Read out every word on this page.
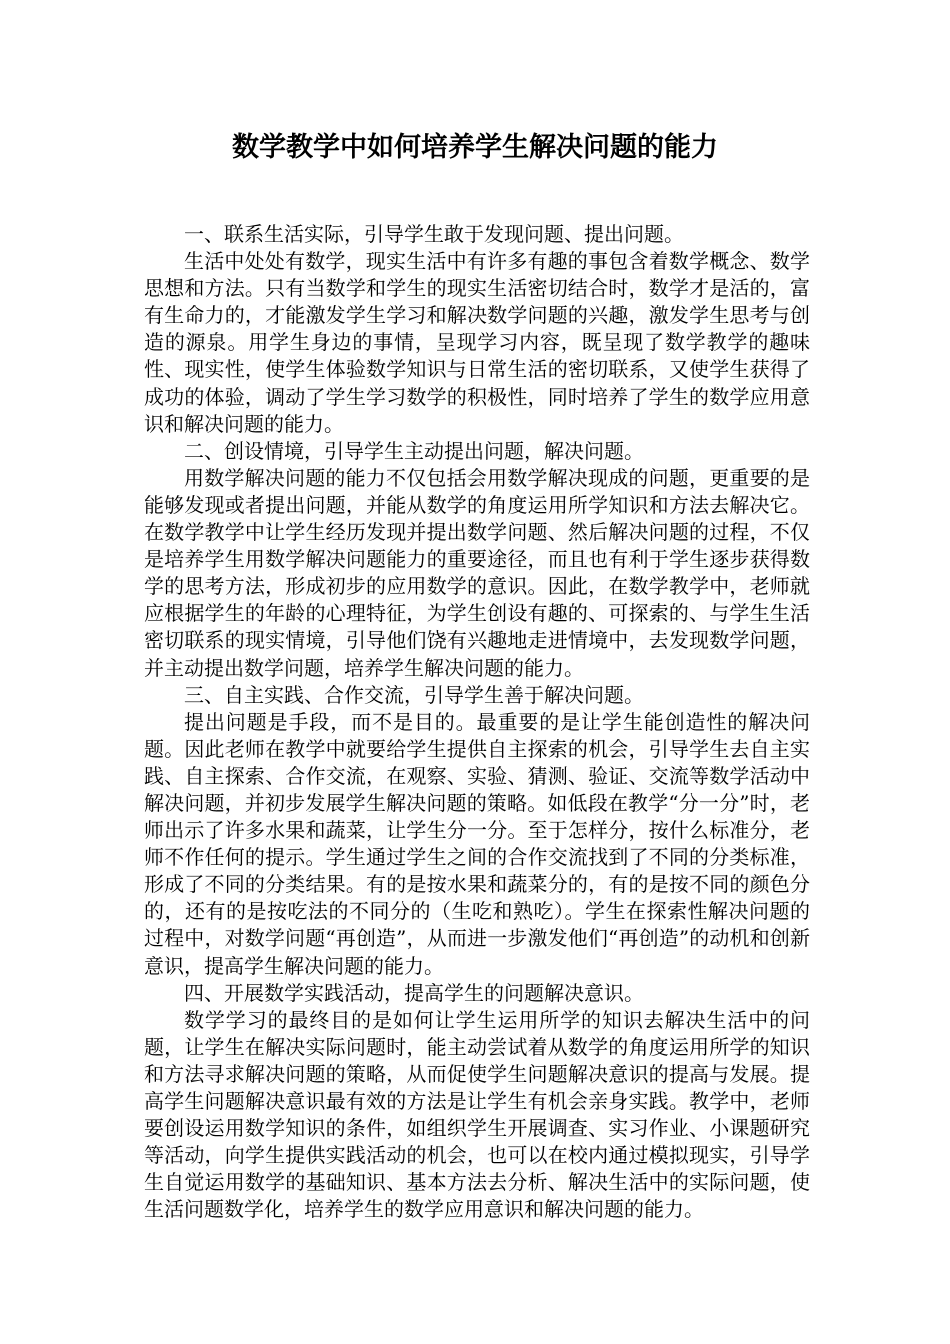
数学教学中如何培养学生解决问题的能力

一、联系生活实际，引导学生敢于发现问题、提出问题。

生活中处处有数学，现实生活中有许多有趣的事包含着数学概念、数学思想和方法。只有当数学和学生的现实生活密切结合时，数学才是活的，富有生命力的，才能激发学生学习和解决数学问题的兴趣，激发学生思考与创造的源泉。用学生身边的事情，呈现学习内容，既呈现了数学教学的趣味性、现实性，使学生体验数学知识与日常生活的密切联系，又使学生获得了成功的体验，调动了学生学习数学的积极性，同时培养了学生的数学应用意识和解决问题的能力。

二、创设情境，引导学生主动提出问题，解决问题。

用数学解决问题的能力不仅包括会用数学解决现成的问题，更重要的是能够发现或者提出问题，并能从数学的角度运用所学知识和方法去解决它。在数学教学中让学生经历发现并提出数学问题、然后解决问题的过程，不仅是培养学生用数学解决问题能力的重要途径，而且也有利于学生逐步获得数学的思考方法，形成初步的应用数学的意识。因此，在数学教学中，老师就应根据学生的年龄的心理特征，为学生创设有趣的、可探索的、与学生生活密切联系的现实情境，引导他们饶有兴趣地走进情境中，去发现数学问题，并主动提出数学问题，培养学生解决问题的能力。

三、自主实践、合作交流，引导学生善于解决问题。

提出问题是手段，而不是目的。最重要的是让学生能创造性的解决问题。因此老师在教学中就要给学生提供自主探索的机会，引导学生去自主实践、自主探索、合作交流，在观察、实验、猜测、验证、交流等数学活动中解决问题，并初步发展学生解决问题的策略。如低段在教学“分一分”时，老师出示了许多水果和蔬菜，让学生分一分。至于怎样分，按什么标准分，老师不作任何的提示。学生通过学生之间的合作交流找到了不同的分类标准，形成了不同的分类结果。有的是按水果和蔬菜分的，有的是按不同的颜色分的，还有的是按吃法的不同分的（生吃和熟吃）。学生在探索性解决问题的过程中，对数学问题“再创造”，从而进一步激发他们“再创造”的动机和创新意识，提高学生解决问题的能力。

四、开展数学实践活动，提高学生的问题解决意识。

数学学习的最终目的是如何让学生运用所学的知识去解决生活中的问题，让学生在解决实际问题时，能主动尝试着从数学的角度运用所学的知识和方法寻求解决问题的策略，从而促使学生问题解决意识的提高与发展。提高学生问题解决意识最有效的方法是让学生有机会亲身实践。教学中，老师要创设运用数学知识的条件，如组织学生开展调查、实习作业、小课题研究等活动，向学生提供实践活动的机会，也可以在校内通过模拟现实，引导学生自觉运用数学的基础知识、基本方法去分析、解决生活中的实际问题，使生活问题数学化，培养学生的数学应用意识和解决问题的能力。
